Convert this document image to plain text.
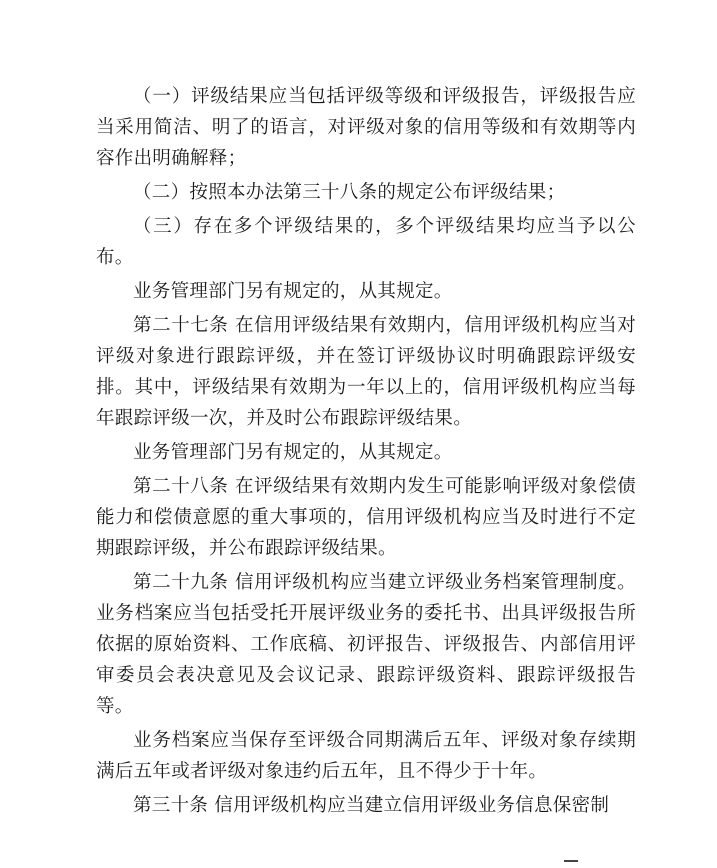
（一）评级结果应当包括评级等级和评级报告，评级报告应当采用简洁、明了的语言，对评级对象的信用等级和有效期等内容作出明确解释；

（二）按照本办法第三十八条的规定公布评级结果；

（三）存在多个评级结果的，多个评级结果均应当予以公布。

业务管理部门另有规定的，从其规定。

第二十七条 在信用评级结果有效期内，信用评级机构应当对评级对象进行跟踪评级，并在签订评级协议时明确跟踪评级安排。其中，评级结果有效期为一年以上的，信用评级机构应当每年跟踪评级一次，并及时公布跟踪评级结果。

业务管理部门另有规定的，从其规定。

第二十八条 在评级结果有效期内发生可能影响评级对象偿债能力和偿债意愿的重大事项的，信用评级机构应当及时进行不定期跟踪评级，并公布跟踪评级结果。

第二十九条 信用评级机构应当建立评级业务档案管理制度。业务档案应当包括受托开展评级业务的委托书、出具评级报告所依据的原始资料、工作底稿、初评报告、评级报告、内部信用评审委员会表决意见及会议记录、跟踪评级资料、跟踪评级报告等。

业务档案应当保存至评级合同期满后五年、评级对象存续期满后五年或者评级对象违约后五年，且不得少于十年。

第三十条 信用评级机构应当建立信用评级业务信息保密制
